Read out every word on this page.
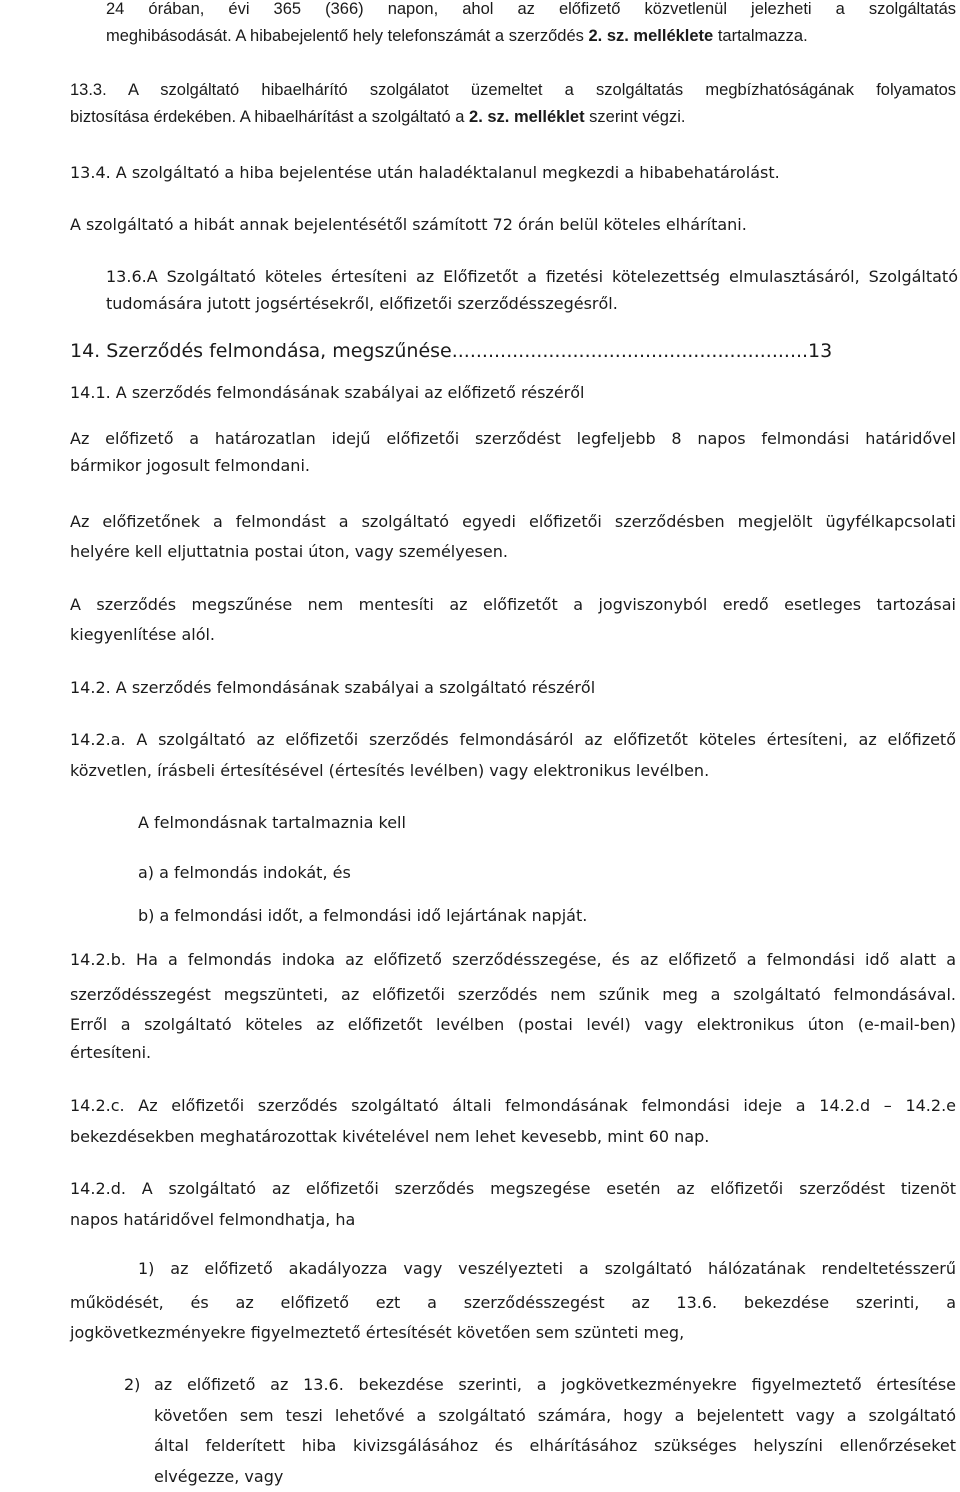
24 órában, évi 365 (366) napon, ahol az előfizető közvetlenül jelezheti a szolgáltatás

meghibásodását. A hibabejelentő hely telefonszámát a szerződés 2. sz. melléklete tartalmazza.

13.3. A szolgáltató hibaelhárító szolgálatot üzemeltet a szolgáltatás megbízhatóságának folyamatos

biztosítása érdekében. A hibaelhárítást a szolgáltató a 2. sz. melléklet szerint végzi.

13.4. A szolgáltató a hiba bejelentése után haladéktalanul megkezdi a hibabehatárolást.

A szolgáltató a hibát annak bejelentésétől számított 72 órán belül köteles elhárítani.

13.6.A Szolgáltató köteles értesíteni az Előfizetőt a fizetési kötelezettség elmulasztásáról, Szolgáltató

tudomására jutott jogsértésekről, előfizetői szerződésszegésről.

14. Szerződés felmondása, megszűnése...........................................................13

14.1. A szerződés felmondásának szabályai az előfizető részéről

Az előfizető a határozatlan idejű előfizetői szerződést legfeljebb 8 napos felmondási határidővel

bármikor jogosult felmondani.

Az előfizetőnek a felmondást a szolgáltató egyedi előfizetői szerződésben megjelölt ügyfélkapcsolati

helyére kell eljuttatnia postai úton, vagy személyesen.

A szerződés megszűnése nem mentesíti az előfizetőt a jogviszonyból eredő esetleges tartozásai

kiegyenlítése alól.

14.2. A szerződés felmondásának szabályai a szolgáltató részéről

14.2.a. A szolgáltató az előfizetői szerződés felmondásáról az előfizetőt köteles értesíteni, az előfizető

közvetlen, írásbeli értesítésével (értesítés levélben) vagy elektronikus levélben.

A felmondásnak tartalmaznia kell

a) a felmondás indokát, és

b) a felmondási időt, a felmondási idő lejártának napját.

14.2.b. Ha a felmondás indoka az előfizető szerződésszegése, és az előfizető a felmondási idő alatt a

szerződésszegést megszünteti, az előfizetői szerződés nem szűnik meg a szolgáltató felmondásával.

Erről a szolgáltató köteles az előfizetőt levélben (postai levél) vagy elektronikus úton (e-mail-ben)

értesíteni.

14.2.c. Az előfizetői szerződés szolgáltató általi felmondásának felmondási ideje a 14.2.d – 14.2.e

bekezdésekben meghatározottak kivételével nem lehet kevesebb, mint 60 nap.

14.2.d. A szolgáltató az előfizetői szerződés megszegése esetén az előfizetői szerződést tizenöt

napos határidővel felmondhatja, ha

1) az előfizető akadályozza vagy veszélyezteti a szolgáltató hálózatának rendeltetésszerű

működését, és az előfizető ezt a szerződésszegést az 13.6. bekezdése szerinti, a

jogkövetkezményekre figyelmeztető értesítését követően sem szünteti meg,

2) az előfizető az 13.6. bekezdése szerinti, a jogkövetkezményekre figyelmeztető értesítése

követően sem teszi lehetővé a szolgáltató számára, hogy a bejelentett vagy a szolgáltató

által felderített hiba kivizsgálásához és elhárításához szükséges helyszíni ellenőrzéseket

elvégezze, vagy
